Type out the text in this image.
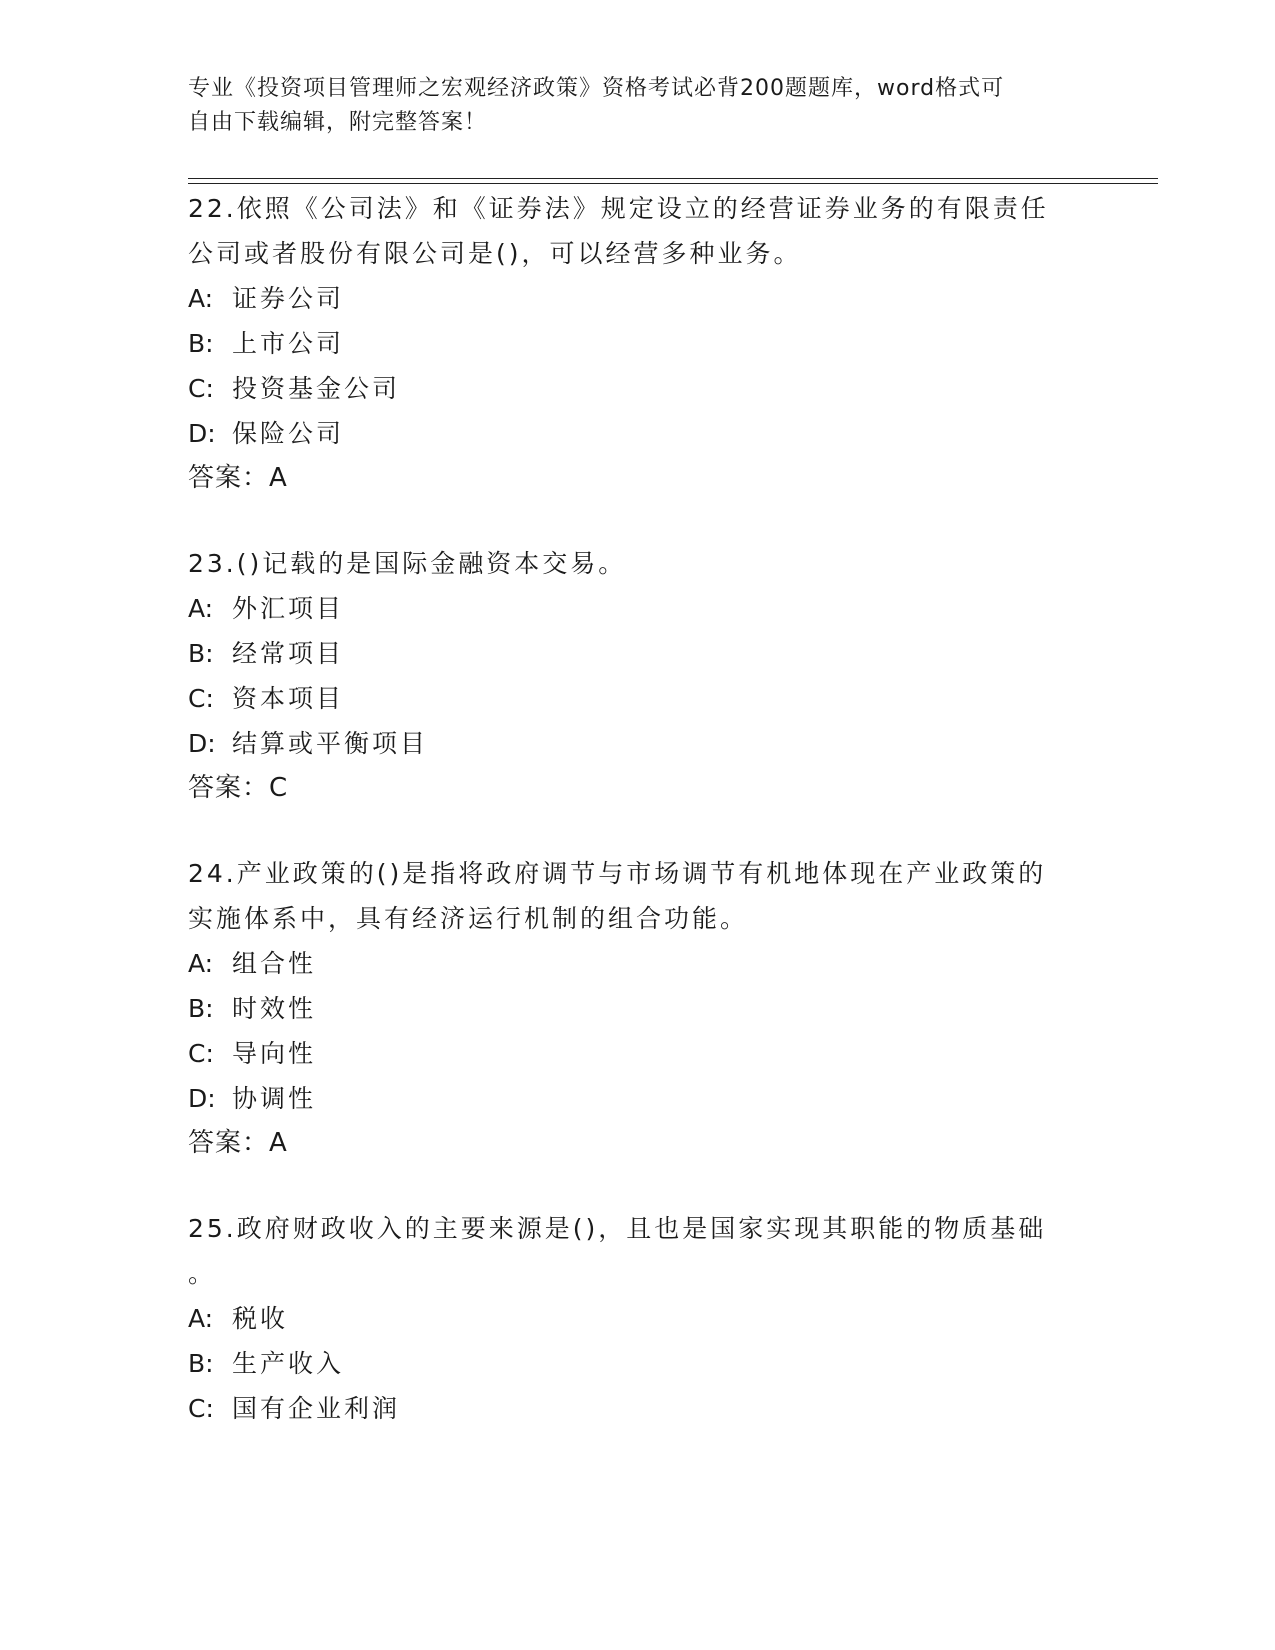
专业《投资项目管理师之宏观经济政策》资格考试必背200题题库，word格式可
自由下载编辑，附完整答案！
22.依照《公司法》和《证券法》规定设立的经营证券业务的有限责任
公司或者股份有限公司是()，可以经营多种业务。
A: 证券公司
B: 上市公司
C: 投资基金公司
D: 保险公司
答案：A
23.()记载的是国际金融资本交易。
A: 外汇项目
B: 经常项目
C: 资本项目
D: 结算或平衡项目
答案：C
24.产业政策的()是指将政府调节与市场调节有机地体现在产业政策的
实施体系中，具有经济运行机制的组合功能。
A: 组合性
B: 时效性
C: 导向性
D: 协调性
答案：A
25.政府财政收入的主要来源是()，且也是国家实现其职能的物质基础
。
A: 税收
B: 生产收入
C: 国有企业利润
